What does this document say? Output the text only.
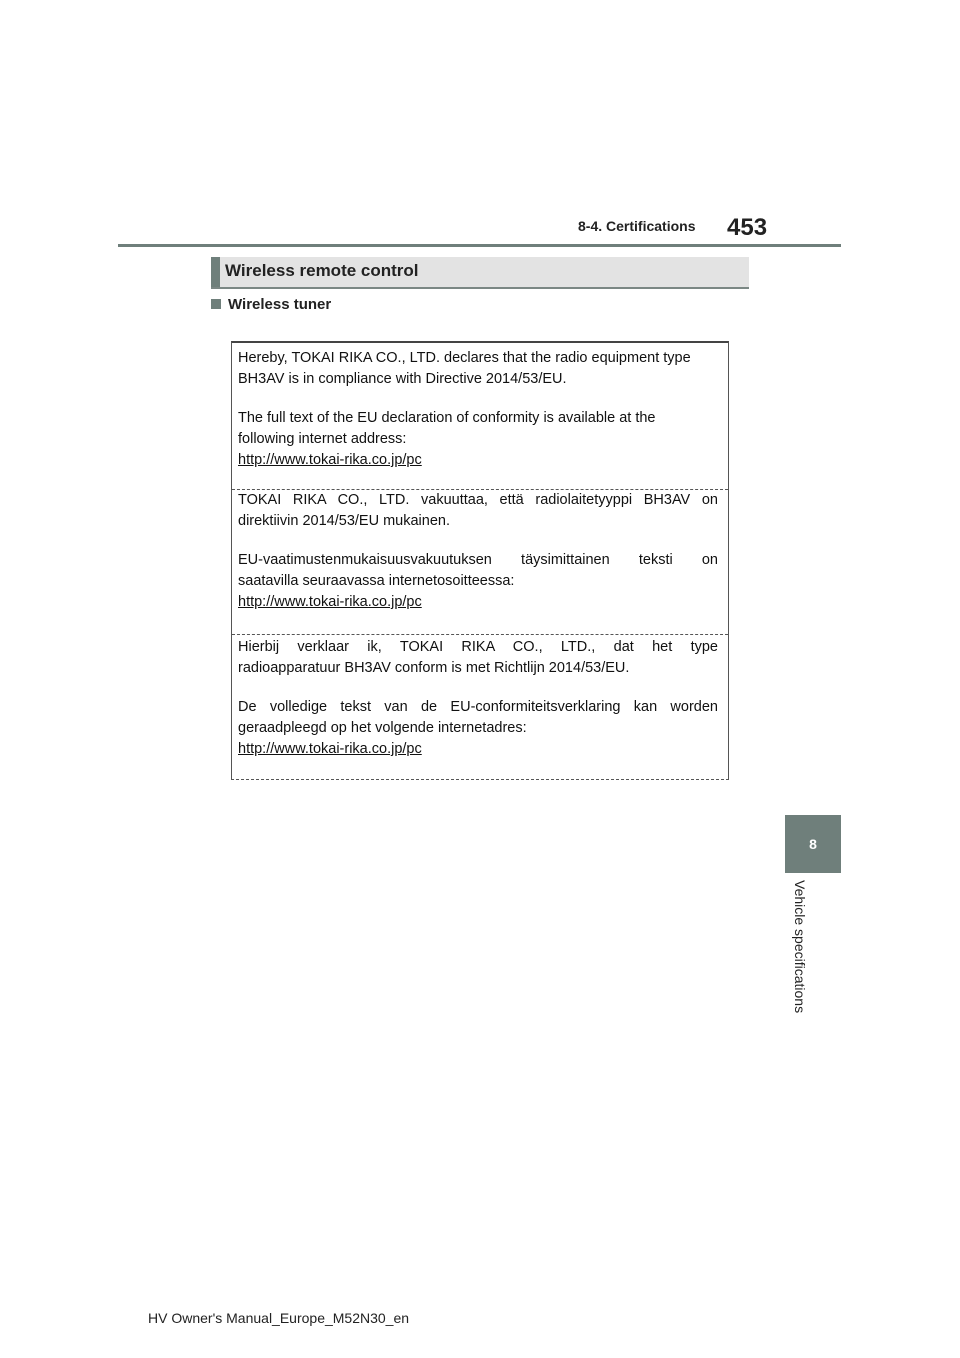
8-4. Certifications 453
Wireless remote control
Wireless tuner

Hereby, TOKAI RIKA CO., LTD. declares that the radio equipment type

BH3AV is in compliance with Directive 2014/53/EU.

The full text of the EU declaration of conformity is available at the

following internet address:

http://www.tokai-rika.co.jp/pc

TOKAI RIKA CO., LTD. vakuuttaa, että radiolaitetyyppi BH3AV on

direktiivin 2014/53/EU mukainen.

EU-vaatimustenmukaisuusvakuutuksen täysimittainen teksti on

saatavilla seuraavassa internetosoitteessa:

http://www.tokai-rika.co.jp/pc

Hierbij verklaar ik, TOKAI RIKA CO., LTD., dat het type

radioapparatuur BH3AV conform is met Richtlijn 2014/53/EU.

De volledige tekst van de EU-conformiteitsverklaring kan worden

geraadpleegd op het volgende internetadres:

http://www.tokai-rika.co.jp/pc

8
Vehicle specifications
HV Owner's Manual_Europe_M52N30_en
